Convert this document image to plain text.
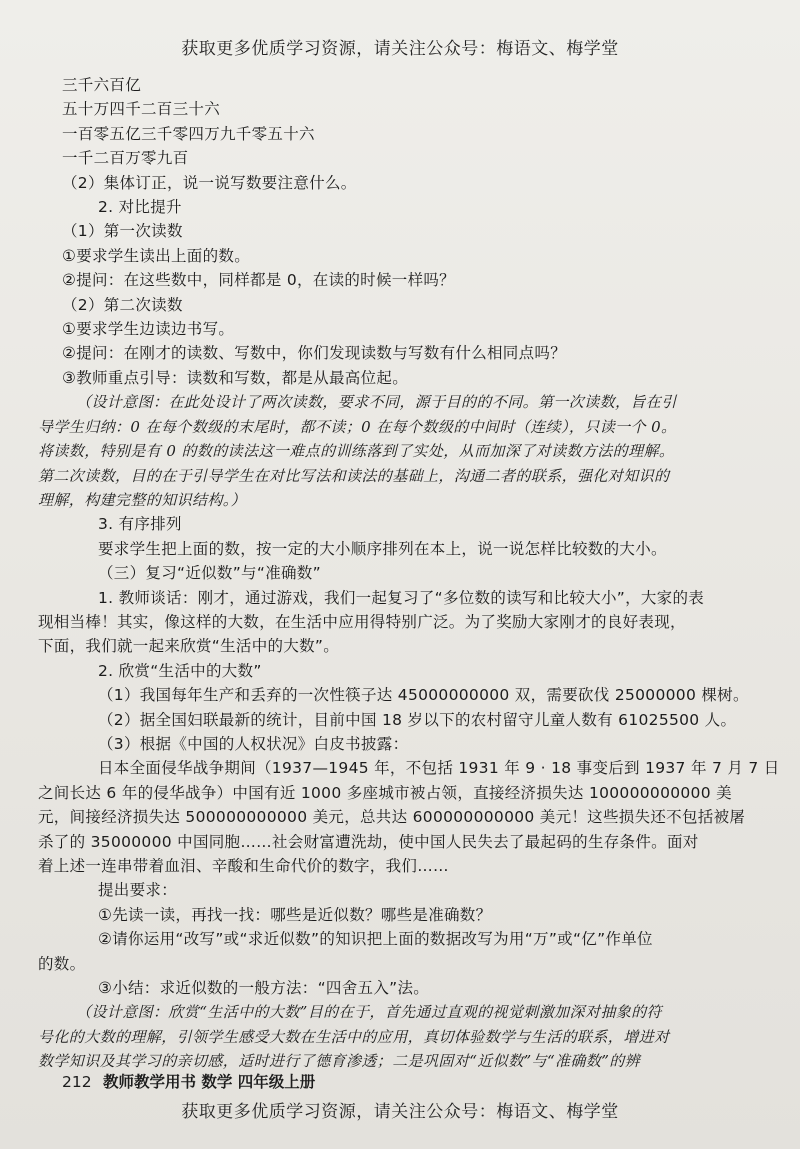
获取更多优质学习资源，请关注公众号：梅语文、梅学堂
三千六百亿
五十万四千二百三十六
一百零五亿三千零四万九千零五十六
一千二百万零九百
（2）集体订正，说一说写数要注意什么。
2. 对比提升
（1）第一次读数
①要求学生读出上面的数。
②提问：在这些数中，同样都是 0，在读的时候一样吗？
（2）第二次读数
①要求学生边读边书写。
②提问：在刚才的读数、写数中，你们发现读数与写数有什么相同点吗？
③教师重点引导：读数和写数，都是从最高位起。
（设计意图：在此处设计了两次读数，要求不同，源于目的的不同。第一次读数，旨在引
导学生归纳：0 在每个数级的末尾时，都不读；0 在每个数级的中间时（连续），只读一个 0。
将读数，特别是有 0 的数的读法这一难点的训练落到了实处，从而加深了对读数方法的理解。
第二次读数，目的在于引导学生在对比写法和读法的基础上，沟通二者的联系，强化对知识的
理解，构建完整的知识结构。）
3. 有序排列
要求学生把上面的数，按一定的大小顺序排列在本上，说一说怎样比较数的大小。
（三）复习“近似数”与“准确数”
1. 教师谈话：刚才，通过游戏，我们一起复习了“多位数的读写和比较大小”，大家的表
现相当棒！其实，像这样的大数，在生活中应用得特别广泛。为了奖励大家刚才的良好表现，
下面，我们就一起来欣赏“生活中的大数”。
2. 欣赏“生活中的大数”
（1）我国每年生产和丢弃的一次性筷子达 45000000000 双，需要砍伐 25000000 棵树。
（2）据全国妇联最新的统计，目前中国 18 岁以下的农村留守儿童人数有 61025500 人。
（3）根据《中国的人权状况》白皮书披露：
日本全面侵华战争期间（1937—1945 年，不包括 1931 年 9 · 18 事变后到 1937 年 7 月 7 日
之间长达 6 年的侵华战争）中国有近 1000 多座城市被占领，直接经济损失达 100000000000 美
元，间接经济损失达 500000000000 美元，总共达 600000000000 美元！这些损失还不包括被屠
杀了的 35000000 中国同胞……社会财富遭洗劫，使中国人民失去了最起码的生存条件。面对
着上述一连串带着血泪、辛酸和生命代价的数字，我们……
提出要求：
①先读一读，再找一找：哪些是近似数？哪些是准确数？
②请你运用“改写”或“求近似数”的知识把上面的数据改写为用“万”或“亿”作单位
的数。
③小结：求近似数的一般方法：“四舍五入”法。
（设计意图：欣赏“生活中的大数”目的在于，首先通过直观的视觉刺激加深对抽象的符
号化的大数的理解，引领学生感受大数在生活中的应用，真切体验数学与生活的联系，增进对
数学知识及其学习的亲切感，适时进行了德育渗透；二是巩固对“近似数”与“准确数”的辨
212 教师教学用书 数学 四年级上册
获取更多优质学习资源，请关注公众号：梅语文、梅学堂
